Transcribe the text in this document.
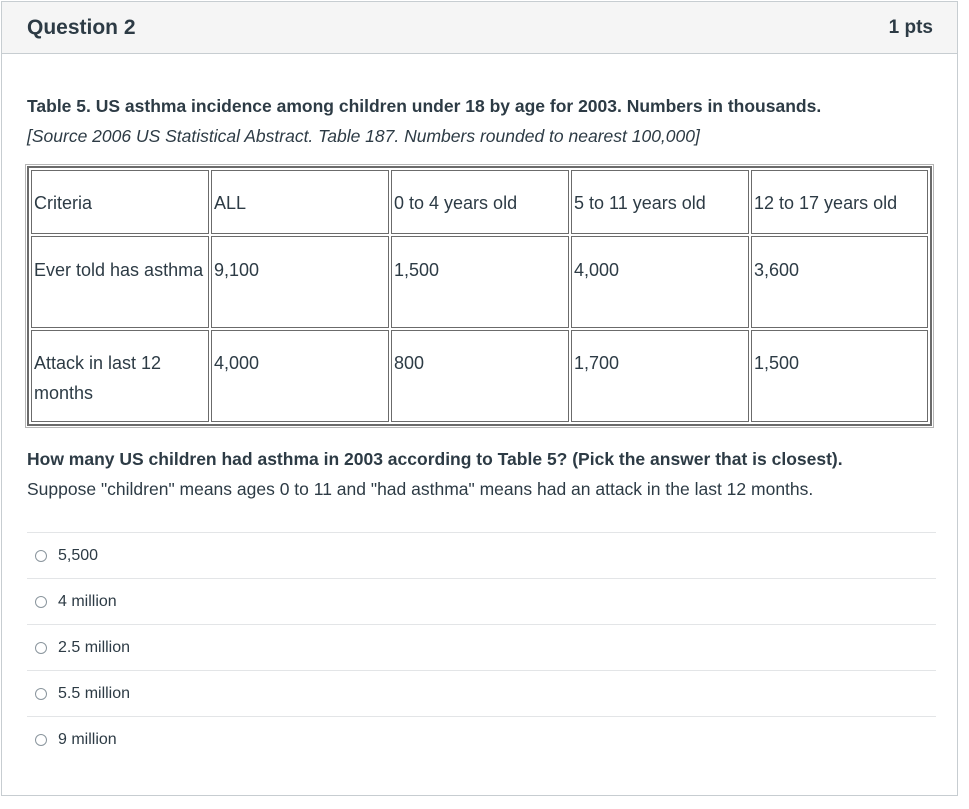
Question 2	1 pts
Table 5. US asthma incidence among children under 18 by age for 2003. Numbers in thousands.
[Source 2006 US Statistical Abstract. Table 187. Numbers rounded to nearest 100,000]
Criteria	ALL	0 to 4 years old	5 to 11 years old	12 to 17 years old
Ever told has asthma	9,100	1,500	4,000	3,600
Attack in last 12 months	4,000	800	1,700	1,500
How many US children had asthma in 2003 according to Table 5? (Pick the answer that is closest).
Suppose "children" means ages 0 to 11 and "had asthma" means had an attack in the last 12 months.
5,500
4 million
2.5 million
5.5 million
9 million
